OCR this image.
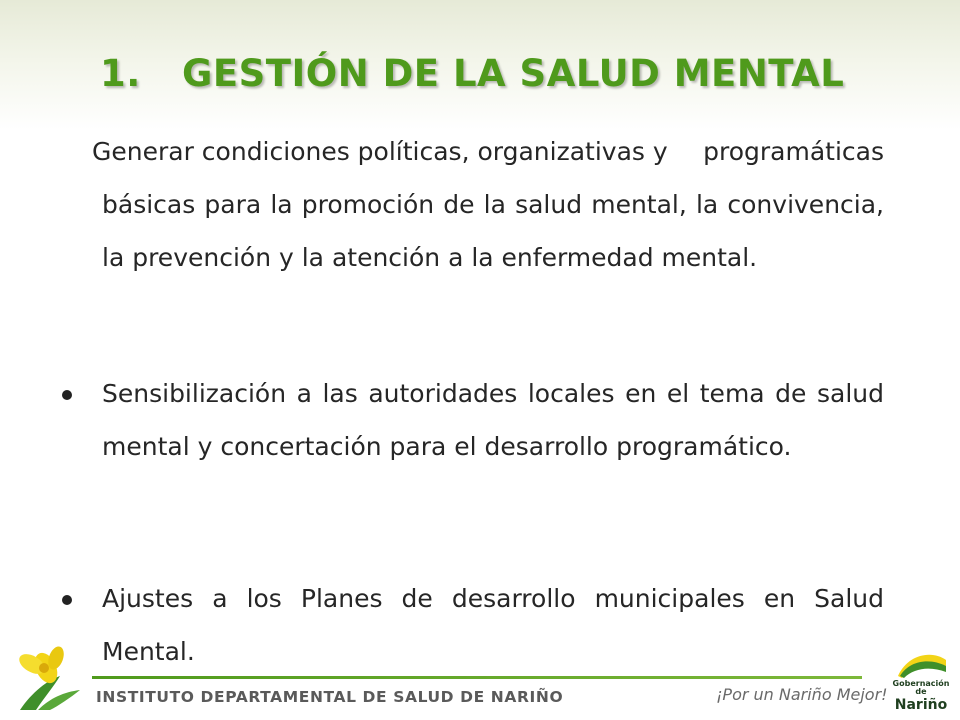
1. GESTIÓN DE LA SALUD MENTAL
Generar condiciones políticas, organizativas y programáticas básicas para la promoción de la salud mental, la convivencia, la prevención y la atención a la enfermedad mental.
Sensibilización a las autoridades locales en el tema de salud mental y concertación para el desarrollo programático.
Ajustes a los Planes de desarrollo municipales en Salud Mental.
INSTITUTO DEPARTAMENTAL DE SALUD DE NARIÑO	¡Por un Nariño Mejor!
Gobernación de
Nariño
